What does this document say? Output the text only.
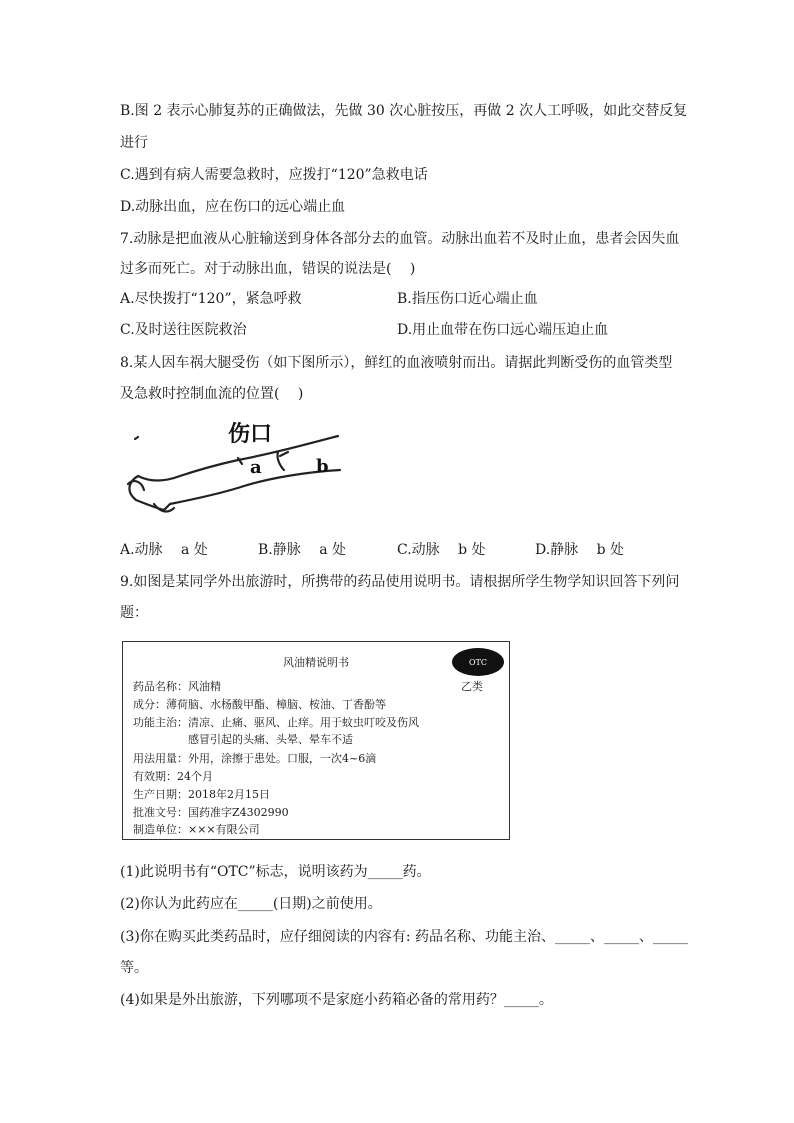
B.图 2 表示心肺复苏的正确做法，先做 30 次心脏按压，再做 2 次人工呼吸，如此交替反复
进行
C.遇到有病人需要急救时，应拨打“120”急救电话
D.动脉出血，应在伤口的远心端止血
7.动脉是把血液从心脏输送到身体各部分去的血管。动脉出血若不及时止血，患者会因失血
过多而死亡。对于动脉出血，错误的说法是(　 )
A.尽快拨打“120”，紧急呼救	B.指压伤口近心端止血
C.及时送往医院救治	D.用止血带在伤口远心端压迫止血
8.某人因车祸大腿受伤（如下图所示），鲜红的血液喷射而出。请据此判断受伤的血管类型
及急救时控制血流的位置(　 )
伤口
a	b
A.动脉　 a 处	B.静脉　 a 处	C.动脉　 b 处	D.静脉　 b 处
9.如图是某同学外出旅游时，所携带的药品使用说明书。请根据所学生物学知识回答下列问
题：
风油精说明书	OTC
乙类
药品名称：风油精
成分：薄荷脑、水杨酸甲酯、樟脑、桉油、丁香酚等
功能主治：清凉、止痛、驱风、止痒。用于蚊虫叮咬及伤风
　　　　　感冒引起的头痛、头晕、晕车不适
用法用量：外用，涂擦于患处。口服，一次4~6滴
有效期：24个月
生产日期：2018年2月15日
批准文号：国药准字Z4302990
制造单位：×××有限公司
(1)此说明书有“OTC”标志，说明该药为_____药。
(2)你认为此药应在_____(日期)之前使用。
(3)你在购买此类药品时，应仔细阅读的内容有: 药品名称、功能主治、_____、_____、_____
等。
(4)如果是外出旅游，下列哪项不是家庭小药箱必备的常用药？_____。
